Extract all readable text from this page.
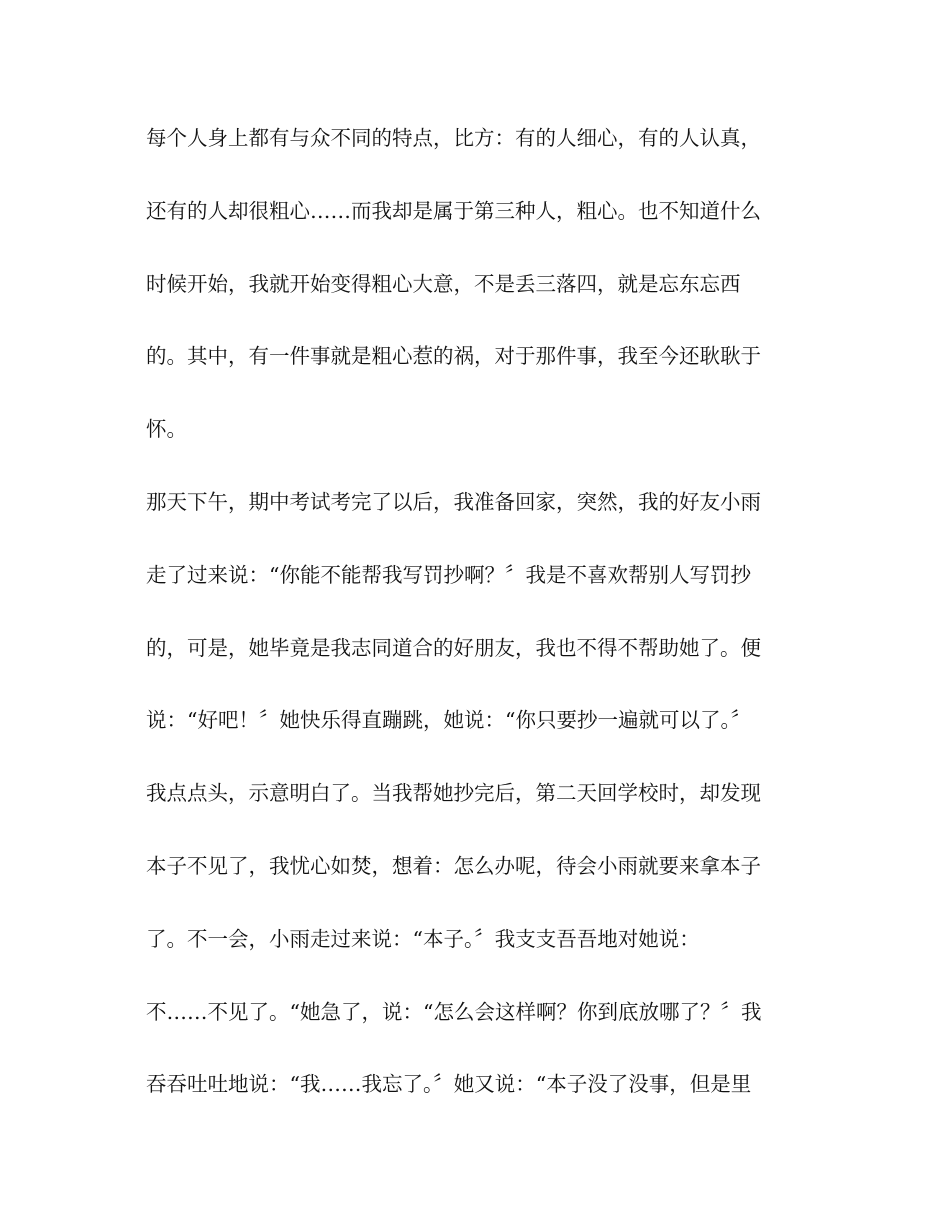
每个人身上都有与众不同的特点，比方：有的人细心，有的人认真，
还有的人却很粗心……而我却是属于第三种人，粗心。也不知道什么
时候开始，我就开始变得粗心大意，不是丢三落四，就是忘东忘西
的。其中，有一件事就是粗心惹的祸，对于那件事，我至今还耿耿于
怀。
那天下午，期中考试考完了以后，我准备回家，突然，我的好友小雨
走了过来说：“你能不能帮我写罚抄啊？〞我是不喜欢帮别人写罚抄
的，可是，她毕竟是我志同道合的好朋友，我也不得不帮助她了。便
说：“好吧！〞她快乐得直蹦跳，她说：“你只要抄一遍就可以了。〞
我点点头，示意明白了。当我帮她抄完后，第二天回学校时，却发现
本子不见了，我忧心如焚，想着：怎么办呢，待会小雨就要来拿本子
了。不一会，小雨走过来说：“本子。〞我支支吾吾地对她说：
不……不见了。“她急了，说：“怎么会这样啊？你到底放哪了？〞我
吞吞吐吐地说：“我……我忘了。〞她又说：“本子没了没事，但是里
